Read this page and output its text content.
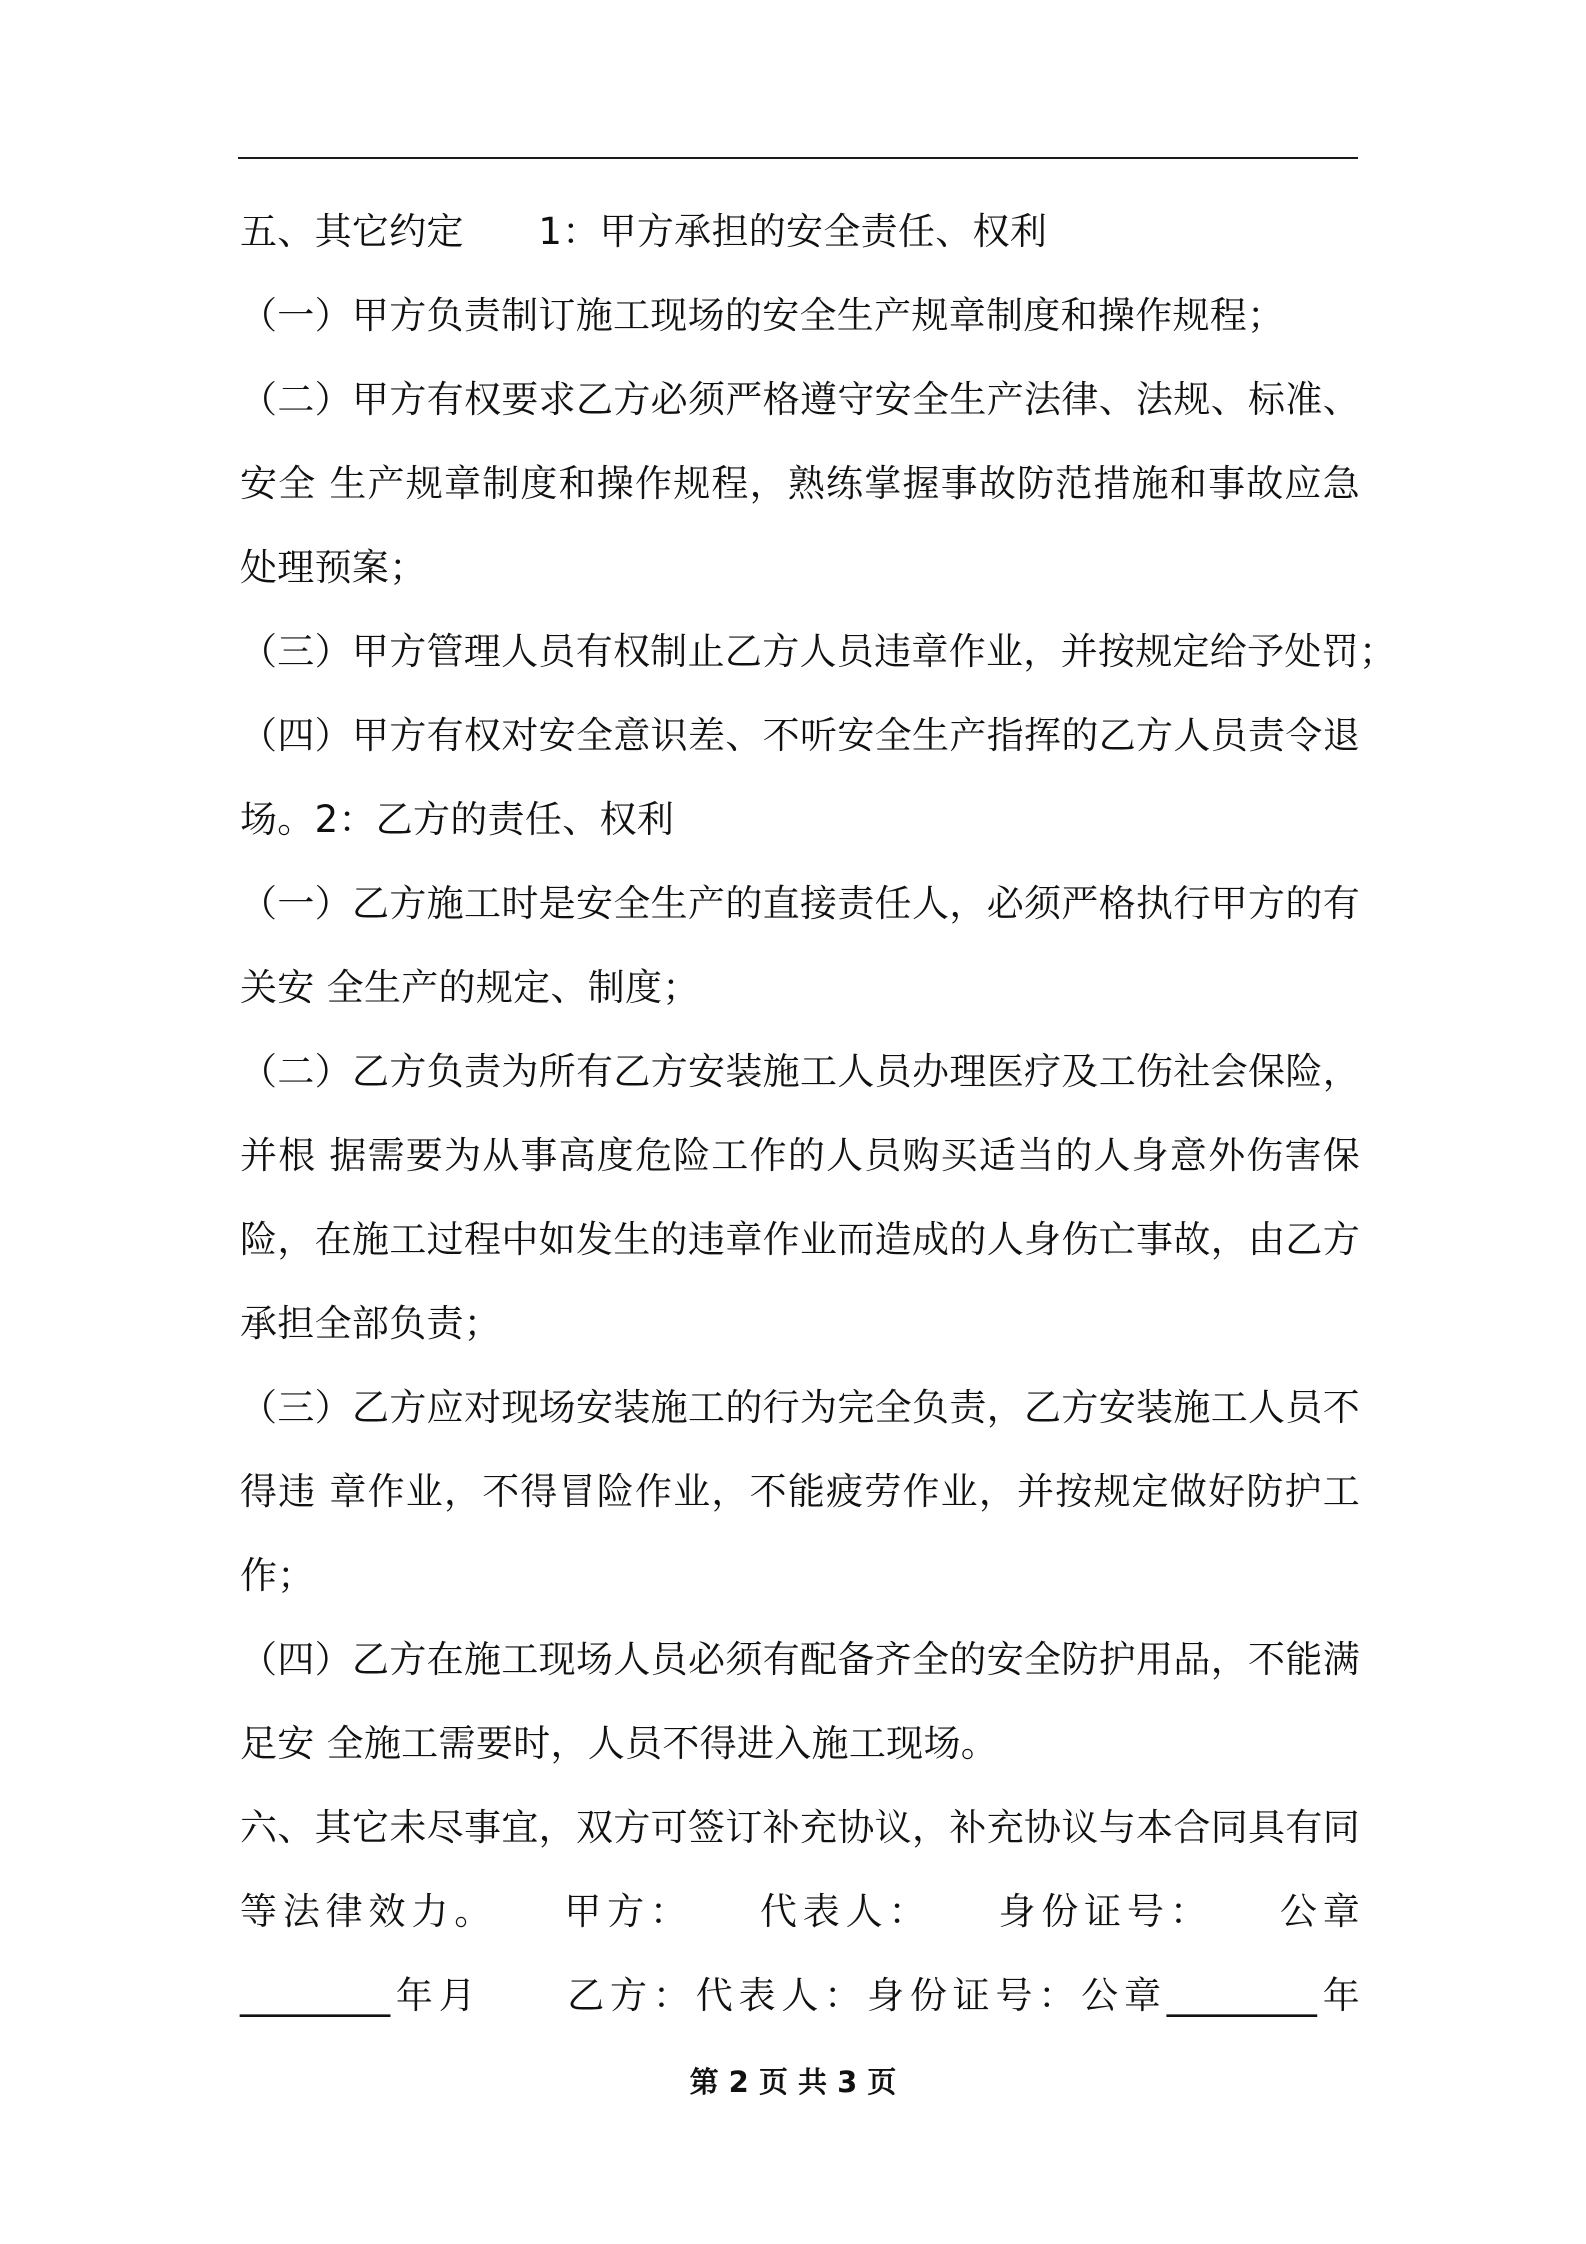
五、其它约定　　1：甲方承担的安全责任、权利
（一）甲方负责制订施工现场的安全生产规章制度和操作规程；
（二）甲方有权要求乙方必须严格遵守安全生产法律、法规、标准、
安全 生产规章制度和操作规程，熟练掌握事故防范措施和事故应急
处理预案；
（三）甲方管理人员有权制止乙方人员违章作业，并按规定给予处罚；
（四）甲方有权对安全意识差、不听安全生产指挥的乙方人员责令退
场。2：乙方的责任、权利
（一）乙方施工时是安全生产的直接责任人，必须严格执行甲方的有
关安 全生产的规定、制度；
（二）乙方负责为所有乙方安装施工人员办理医疗及工伤社会保险，
并根 据需要为从事高度危险工作的人员购买适当的人身意外伤害保
险，在施工过程中如发生的违章作业而造成的人身伤亡事故，由乙方
承担全部负责；
（三）乙方应对现场安装施工的行为完全负责，乙方安装施工人员不
得违 章作业，不得冒险作业，不能疲劳作业，并按规定做好防护工
作；
（四）乙方在施工现场人员必须有配备齐全的安全防护用品，不能满
足安 全施工需要时，人员不得进入施工现场。
六、其它未尽事宜，双方可签订补充协议，补充协议与本合同具有同
等法律效力。　　甲方：　　代表人：　　身份证号：　　公章
________年月　　乙方：代表人：身份证号：公章________年
第 2 页 共 3 页
